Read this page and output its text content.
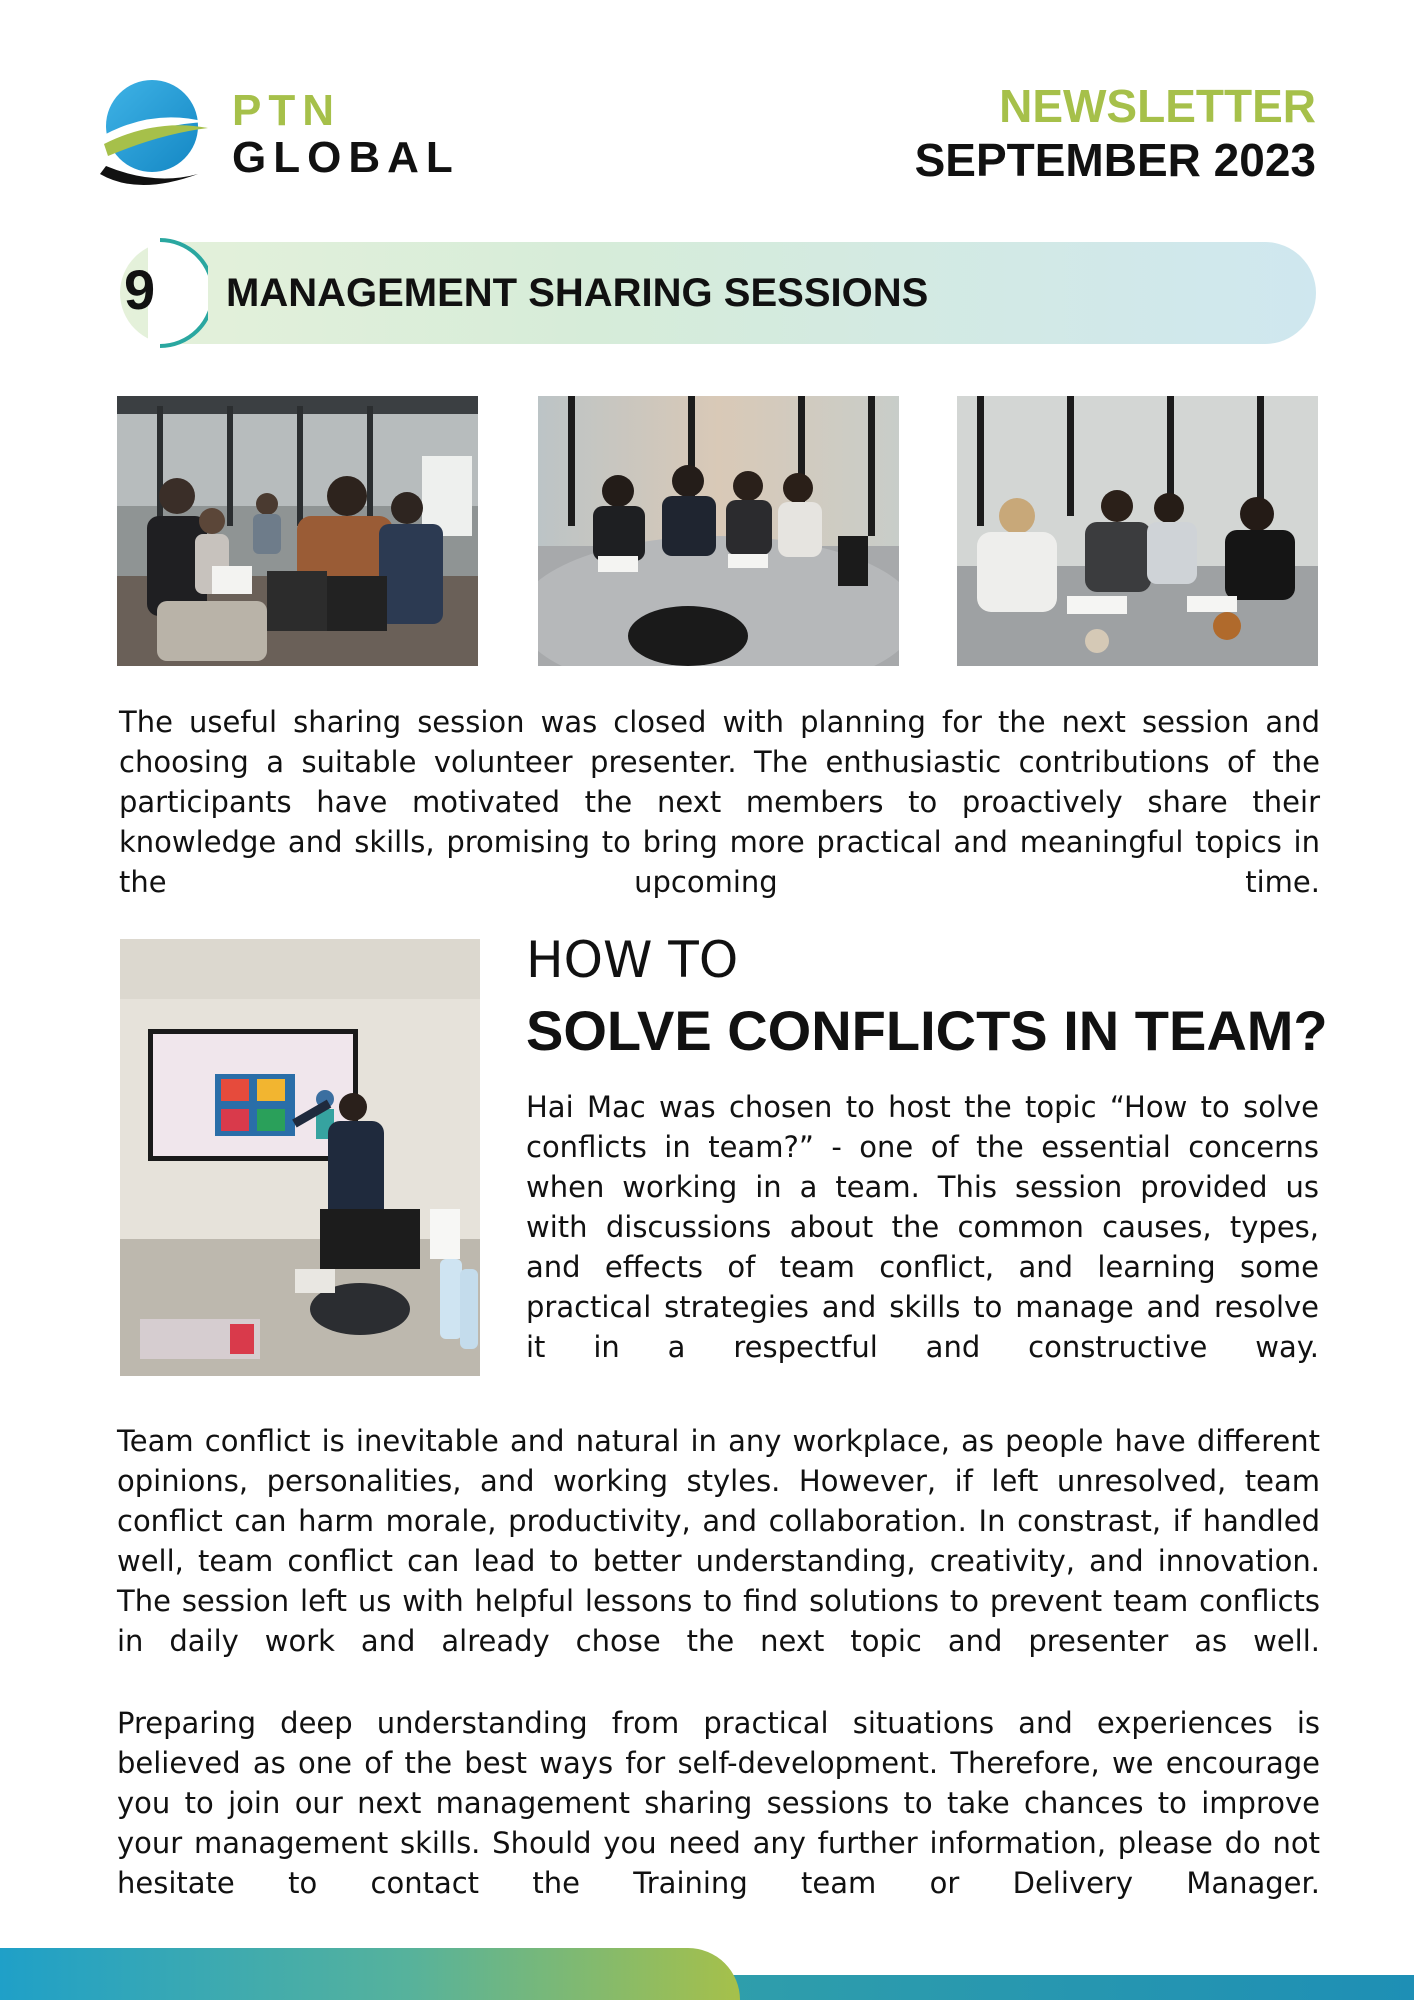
PTN
GLOBAL
NEWSLETTER
SEPTEMBER 2023
9 MANAGEMENT SHARING SESSIONS

The useful sharing session was closed with planning for the next session and choosing a suitable volunteer presenter. The enthusiastic contributions of the participants have motivated the next members to proactively share their knowledge and skills, promising to bring more practical and meaningful topics in the upcoming time.

HOW TO
SOLVE CONFLICTS IN TEAM?

Hai Mac was chosen to host the topic “How to solve conflicts in team?” - one of the essential concerns when working in a team. This session provided us with discussions about the common causes, types, and effects of team conflict, and learning some practical strategies and skills to manage and resolve it in a respectful and constructive way.

Team conflict is inevitable and natural in any workplace, as people have different opinions, personalities, and working styles. However, if left unresolved, team conflict can harm morale, productivity, and collaboration. In constrast, if handled well, team conflict can lead to better understanding, creativity, and innovation. The session left us with helpful lessons to find solutions to prevent team conflicts in daily work and already chose the next topic and presenter as well.

Preparing deep understanding from practical situations and experiences is believed as one of the best ways for self-development. Therefore, we encourage you to join our next management sharing sessions to take chances to improve your management skills. Should you need any further information, please do not hesitate to contact the Training team or Delivery Manager.
